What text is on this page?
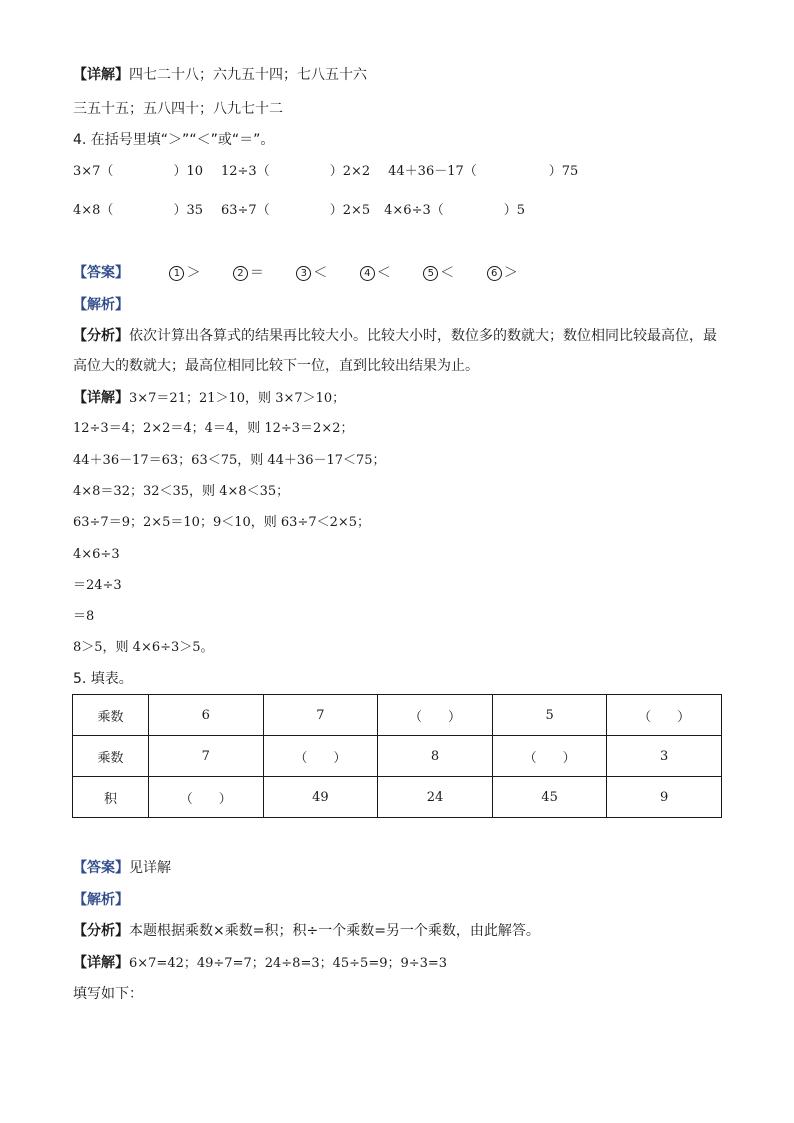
【详解】四七二十八；六九五十四；七八五十六
三五十五；五八四十；八九七十二
4. 在括号里填“＞”“＜”或“＝”。
3×7（	）10 12÷3（	）2×2 44＋36－17（	）75
4×8（	）35 63÷7（	）2×5 4×6÷3（	）5
【答案】	1 ＞	2 ＝	3 ＜	4 ＜	5 ＜	6 ＞
【解析】
【分析】依次计算出各算式的结果再比较大小。比较大小时，数位多的数就大；数位相同比较最高位，最
高位大的数就大；最高位相同比较下一位，直到比较出结果为止。
【详解】3×7＝21；21＞10，则 3×7＞10；
12÷3＝4；2×2＝4；4＝4，则 12÷3＝2×2；
44＋36－17＝63；63＜75，则 44＋36－17＜75；
4×8＝32；32＜35，则 4×8＜35；
63÷7＝9；2×5＝10；9＜10，则 63÷7＜2×5；
4×6÷3
＝24÷3
＝8
8＞5，则 4×6÷3＞5。
5. 填表。
乘数	6	7	（　　）	5	（　　）
乘数	7	（　　）	8	（　　）	3
积	（　　）	49	24	45	9
【答案】见详解
【解析】
【分析】本题根据乘数×乘数=积；积÷一个乘数=另一个乘数，由此解答。
【详解】6×7=42；49÷7=7；24÷8=3；45÷5=9；9÷3=3
填写如下：
